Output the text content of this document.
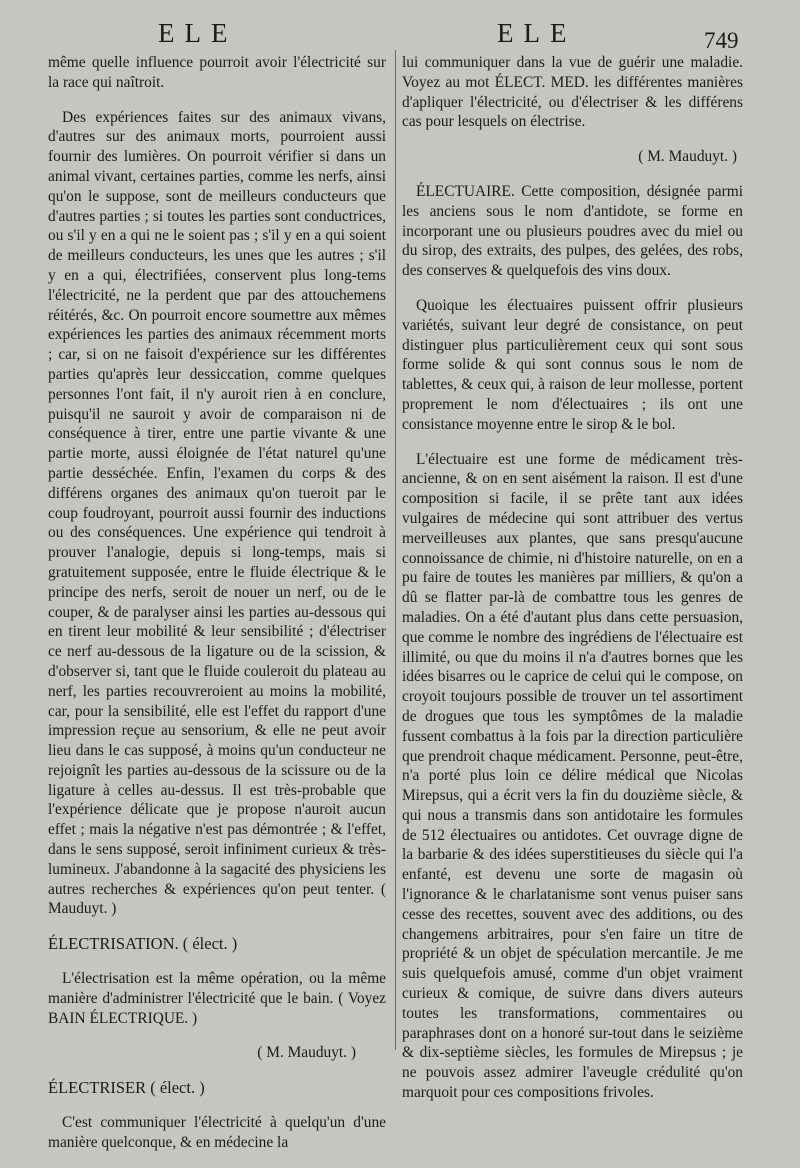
ELE	ELE	749

même quelle influence pourroit avoir l'électricité sur la race qui naîtroit.

Des expériences faites sur des animaux vivans, d'autres sur des animaux morts, pourroient aussi fournir des lumières. On pourroit vérifier si dans un animal vivant, certaines parties, comme les nerfs, ainsi qu'on le suppose, sont de meilleurs conducteurs que d'autres parties ; si toutes les parties sont conductrices, ou s'il y en a qui ne le soient pas ; s'il y en a qui soient de meilleurs conducteurs, les unes que les autres ; s'il y en a qui, électrifiées, conservent plus long-tems l'électricité, ne la perdent que par des attouchemens réitérés, &c. On pourroit encore soumettre aux mêmes expériences les parties des animaux récemment morts ; car, si on ne faisoit d'expérience sur les différentes parties qu'après leur dessiccation, comme quelques personnes l'ont fait, il n'y auroit rien à en conclure, puisqu'il ne sauroit y avoir de comparaison ni de conséquence à tirer, entre une partie vivante & une partie morte, aussi éloignée de l'état naturel qu'une partie desséchée. Enfin, l'examen du corps & des différens organes des animaux qu'on tueroit par le coup foudroyant, pourroit aussi fournir des inductions ou des conséquences. Une expérience qui tendroit à prouver l'analogie, depuis si long-temps, mais si gratuitement supposée, entre le fluide électrique & le principe des nerfs, seroit de nouer un nerf, ou de le couper, & de paralyser ainsi les parties au-dessous qui en tirent leur mobilité & leur sensibilité ; d'électriser ce nerf au-dessous de la ligature ou de la scission, & d'observer si, tant que le fluide couleroit du plateau au nerf, les parties recouvreroient au moins la mobilité, car, pour la sensibilité, elle est l'effet du rapport d'une impression reçue au sensorium, & elle ne peut avoir lieu dans le cas supposé, à moins qu'un conducteur ne rejoignît les parties au-dessous de la scissure ou de la ligature à celles au-dessus. Il est très-probable que l'expérience délicate que je propose n'auroit aucun effet ; mais la négative n'est pas démontrée ; & l'effet, dans le sens supposé, seroit infiniment curieux & très-lumineux. J'abandonne à la sagacité des physiciens les autres recherches & expériences qu'on peut tenter. ( Mauduyt. )

ÉLECTRISATION. ( élect. )

L'électrisation est la même opération, ou la même manière d'administrer l'électricité que le bain. ( Voyez BAIN ÉLECTRIQUE. )

( M. Mauduyt. )

ÉLECTRISER ( élect. )

C'est communiquer l'électricité à quelqu'un d'une manière quelconque, & en médecine la

lui communiquer dans la vue de guérir une maladie. Voyez au mot ÉLECT. MED. les différentes manières d'apliquer l'électricité, ou d'électriser & les différens cas pour lesquels on électrise.

( M. Mauduyt. )

ÉLECTUAIRE. Cette composition, désignée parmi les anciens sous le nom d'antidote, se forme en incorporant une ou plusieurs poudres avec du miel ou du sirop, des extraits, des pulpes, des gelées, des robs, des conserves & quelquefois des vins doux.

Quoique les électuaires puissent offrir plusieurs variétés, suivant leur degré de consistance, on peut distinguer plus particulièrement ceux qui sont sous forme solide & qui sont connus sous le nom de tablettes, & ceux qui, à raison de leur mollesse, portent proprement le nom d'électuaires ; ils ont une consistance moyenne entre le sirop & le bol.

L'électuaire est une forme de médicament très-ancienne, & on en sent aisément la raison. Il est d'une composition si facile, il se prête tant aux idées vulgaires de médecine qui sont attribuer des vertus merveilleuses aux plantes, que sans presqu'aucune connoissance de chimie, ni d'histoire naturelle, on en a pu faire de toutes les manières par milliers, & qu'on a dû se flatter par-là de combattre tous les genres de maladies. On a été d'autant plus dans cette persuasion, que comme le nombre des ingrédiens de l'électuaire est illimité, ou que du moins il n'a d'autres bornes que les idées bisarres ou le caprice de celui qui le compose, on croyoit toujours possible de trouver un tel assortiment de drogues que tous les symptômes de la maladie fussent combattus à la fois par la direction particulière que prendroit chaque médicament. Personne, peut-être, n'a porté plus loin ce délire médical que Nicolas Mirepsus, qui a écrit vers la fin du douzième siècle, & qui nous a transmis dans son antidotaire les formules de 512 électuaires ou antidotes. Cet ouvrage digne de la barbarie & des idées superstitieuses du siècle qui l'a enfanté, est devenu une sorte de magasin où l'ignorance & le charlatanisme sont venus puiser sans cesse des recettes, souvent avec des additions, ou des changemens arbitraires, pour s'en faire un titre de propriété & un objet de spéculation mercantile. Je me suis quelquefois amusé, comme d'un objet vraiment curieux & comique, de suivre dans divers auteurs toutes les transformations, commentaires ou paraphrases dont on a honoré sur-tout dans le seizième & dix-septième siècles, les formules de Mirepsus ; je ne pouvois assez admirer l'aveugle crédulité qu'on marquoit pour ces compositions frivoles.
